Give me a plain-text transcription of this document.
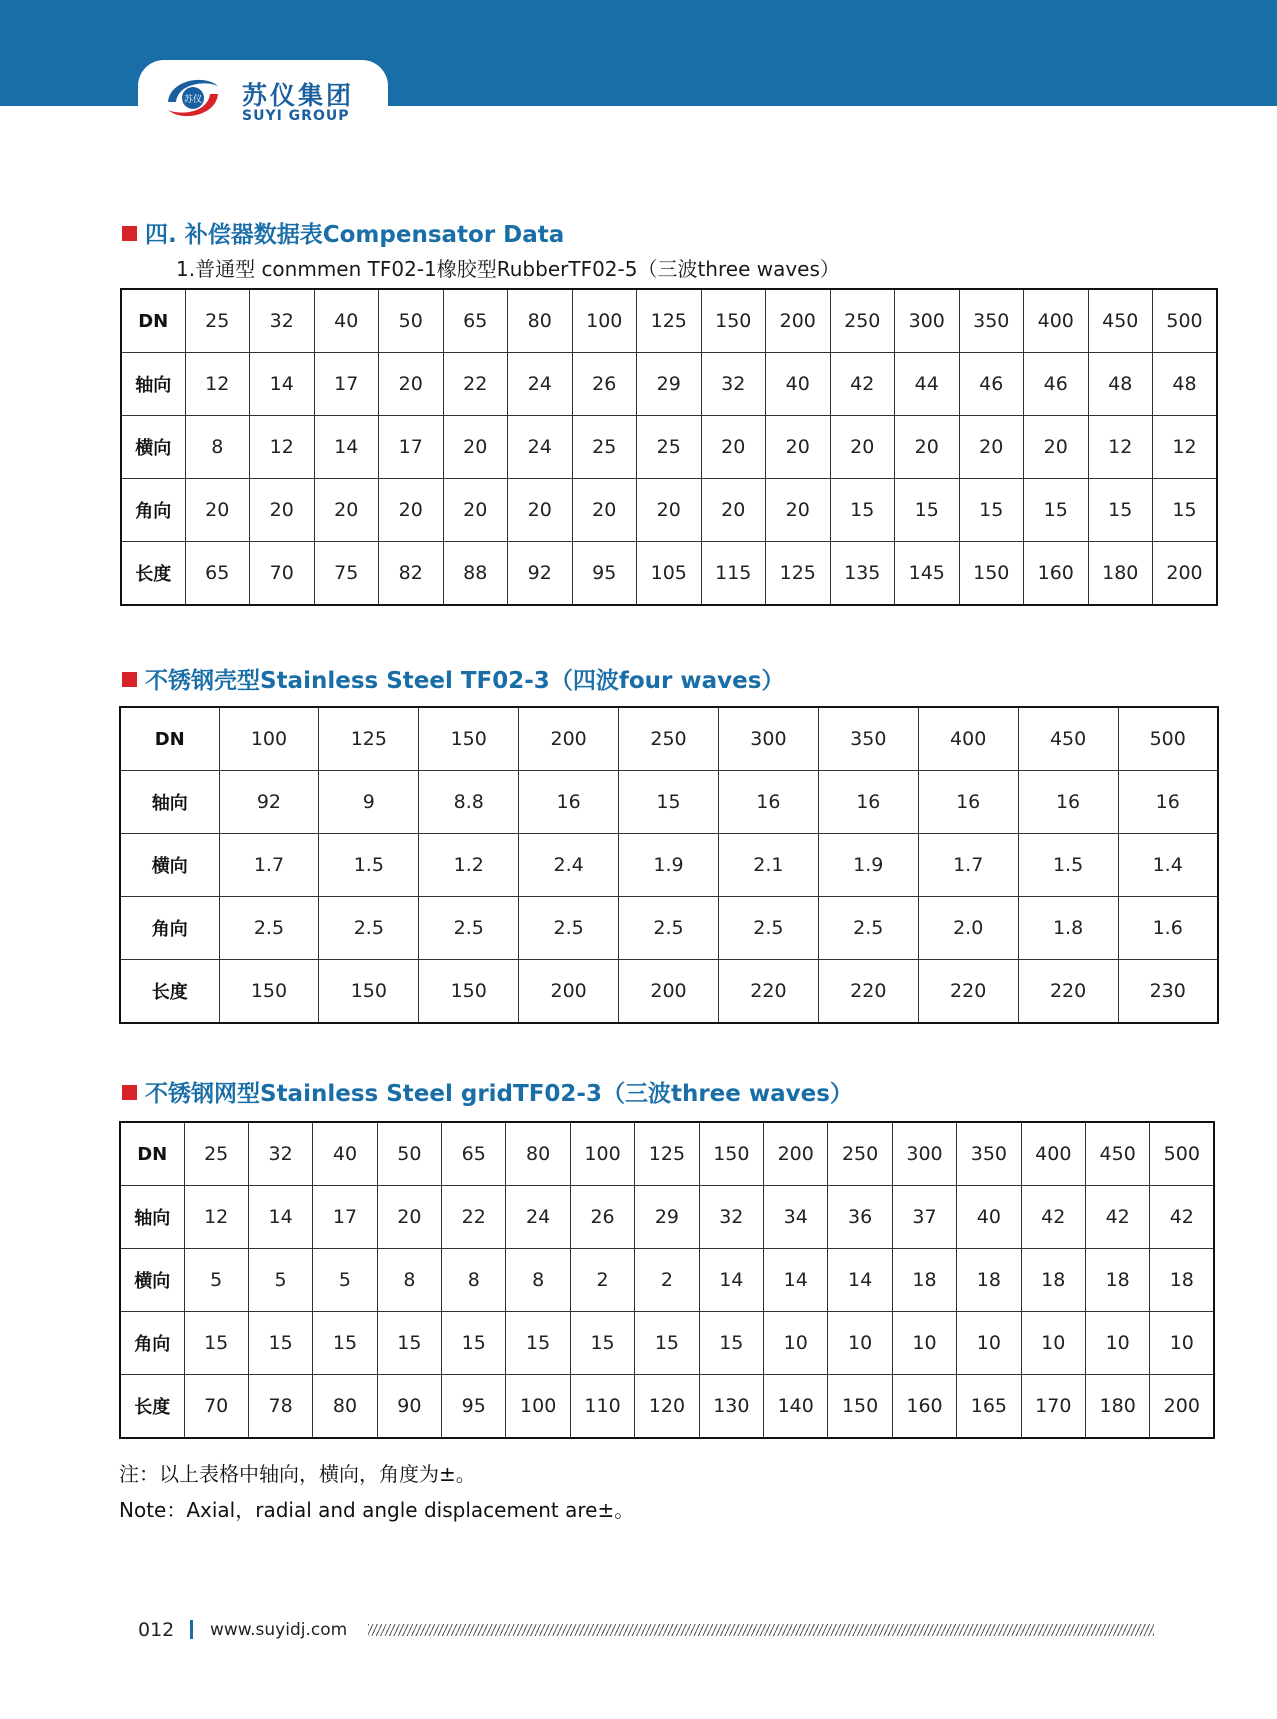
苏仪 苏仪集团
SUYI GROUP
四. 补偿器数据表Compensator Data
1.普通型 conmmen TF02-1橡胶型RubberTF02-5（三波three waves）
DN	25	32	40	50	65	80	100	125	150	200	250	300	350	400	450	500
轴向	12	14	17	20	22	24	26	29	32	40	42	44	46	46	48	48
横向	8	12	14	17	20	24	25	25	20	20	20	20	20	20	12	12
角向	20	20	20	20	20	20	20	20	20	20	15	15	15	15	15	15
长度	65	70	75	82	88	92	95	105	115	125	135	145	150	160	180	200
不锈钢壳型Stainless Steel TF02-3（四波four waves）
DN	100	125	150	200	250	300	350	400	450	500
轴向	92	9	8.8	16	15	16	16	16	16	16
横向	1.7	1.5	1.2	2.4	1.9	2.1	1.9	1.7	1.5	1.4
角向	2.5	2.5	2.5	2.5	2.5	2.5	2.5	2.0	1.8	1.6
长度	150	150	150	200	200	220	220	220	220	230
不锈钢网型Stainless Steel gridTF02-3（三波three waves）
DN	25	32	40	50	65	80	100	125	150	200	250	300	350	400	450	500
轴向	12	14	17	20	22	24	26	29	32	34	36	37	40	42	42	42
横向	5	5	5	8	8	8	2	2	14	14	14	18	18	18	18	18
角向	15	15	15	15	15	15	15	15	15	10	10	10	10	10	10	10
长度	70	78	80	90	95	100	110	120	130	140	150	160	165	170	180	200
注：以上表格中轴向，横向，角度为±。
Note：Axial，radial and angle displacement are±。
012 www.suyidj.com
